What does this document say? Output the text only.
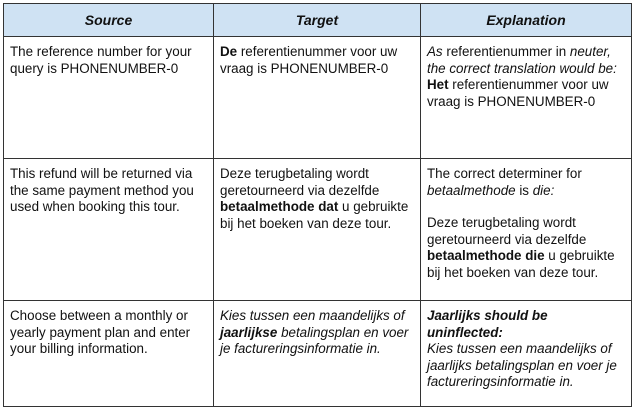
Source	Target	Explanation
The reference number for your query is PHONENUMBER-0	De referentienummer voor uw vraag is PHONENUMBER-0	As referentienummer in neuter, the correct translation would be:
Het referentienummer voor uw vraag is PHONENUMBER-0
This refund will be returned via the same payment method you used when booking this tour.	Deze terugbetaling wordt geretourneerd via dezelfde betaalmethode dat u gebruikte bij het boeken van deze tour.	The correct determiner for betaalmethode is die:
Deze terugbetaling wordt geretourneerd via dezelfde betaalmethode die u gebruikte bij het boeken van deze tour.
Choose between a monthly or yearly payment plan and enter your billing information.	Kies tussen een maandelijks of jaarlijkse betalingsplan en voer je factureringsinformatie in.	Jaarlijks should be uninflected:

Kies tussen een maandelijks of jaarlijks betalingsplan en voer je factureringsinformatie in.
